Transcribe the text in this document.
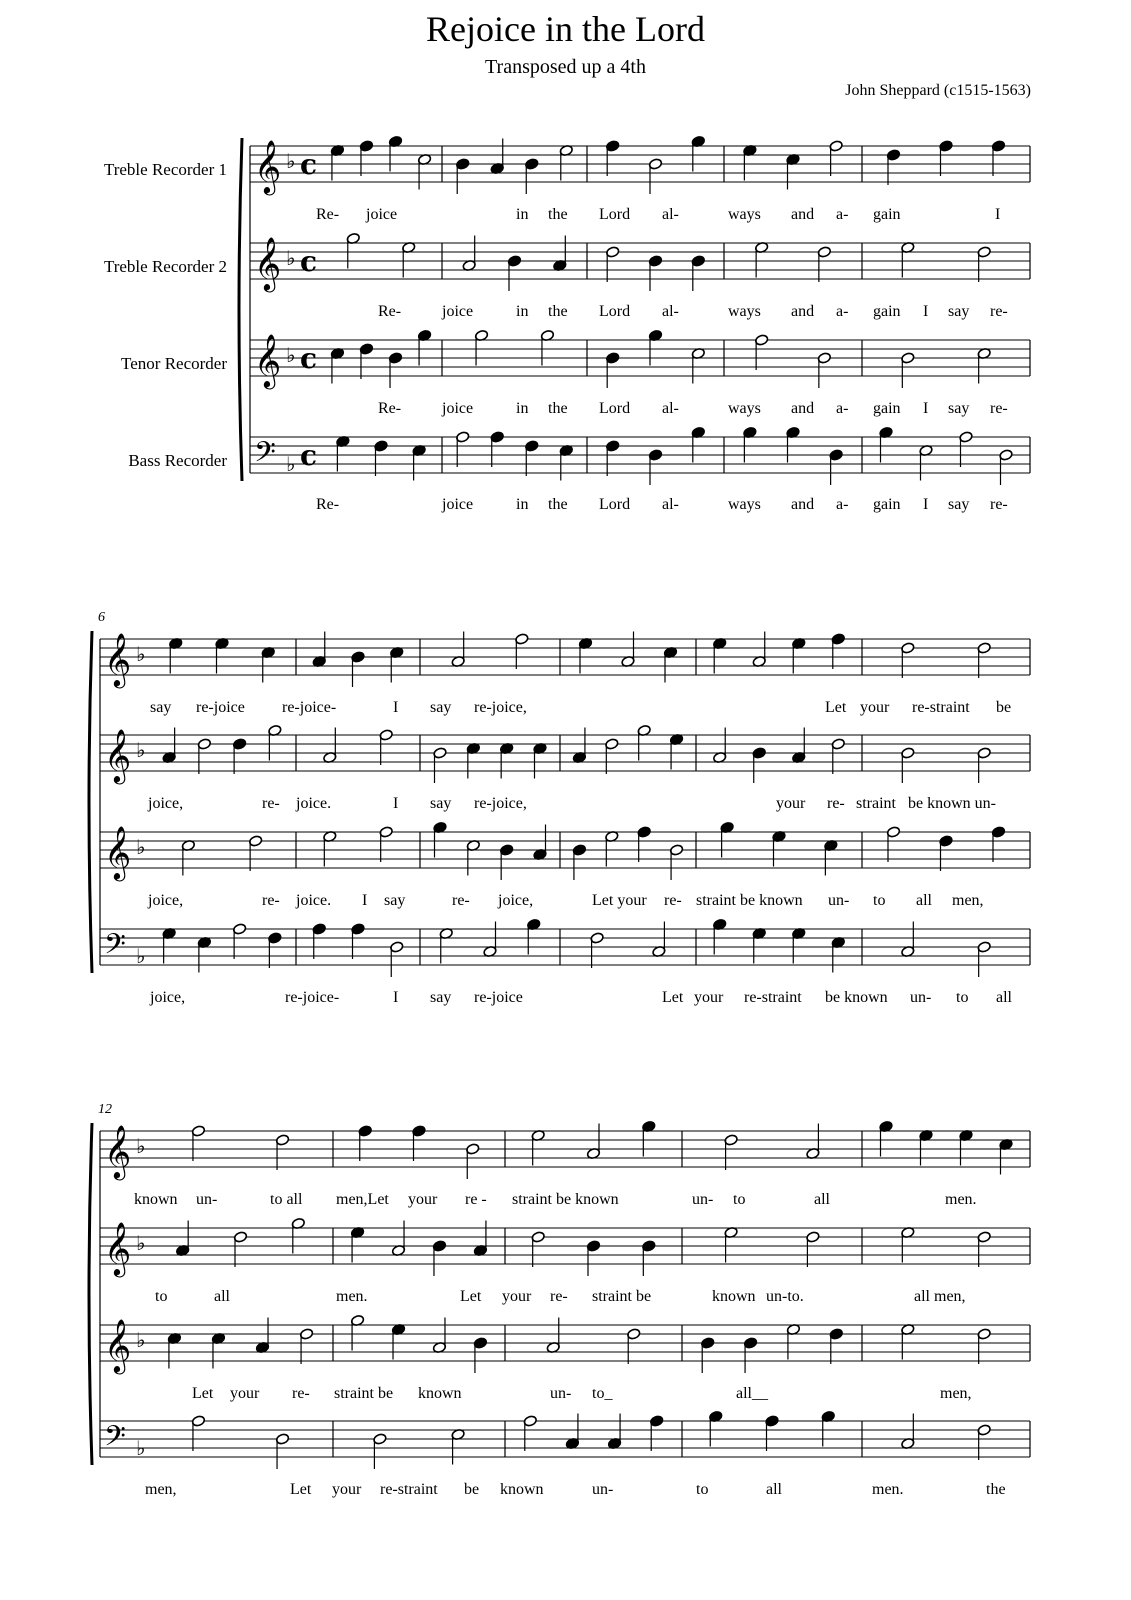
Rejoice in the Lord
Transposed up a 4th
John Sheppard (c1515-1563)
Treble Recorder 1
Treble Recorder 2
Tenor Recorder
Bass Recorder
6
12
𝄞 ♭ c
𝄞 ♭ c
𝄞 ♭ c
𝄢 ♭ c
𝄞 ♭
𝄞 ♭
𝄞 ♭
𝄢 ♭
𝄞 ♭
𝄞 ♭
𝄞 ♭
𝄢 ♭
Re- joice	in the Lord al-	ways and a- gain	I
Re-	joice	in the Lord al-	ways and a- gain I say re-
Re-	joice	in the Lord al-	ways and a- gain I say re-
Re-	joice	in the Lord al-	ways and a- gain I say re-
say re-joice re-joice-	I say re-joice,	Let your re-straint be
joice,	re- joice.	I say re-joice,	your re- straint be known un-
joice,	re- joice. I say	re- joice,	Let your re- straint be known un- to all men,
joice,	re-joice-	I say re-joice	Let your re-straint be known un- to all
known un-	to all men,Let your re - straint be known	un- to	all	men.
to	all	men.	Let your re- straint be	known un-to.	all men,
Let your re- straint be known	un- to_	all__	men,
men,	Let your re-straint be known	un-	to	all	men.	the
